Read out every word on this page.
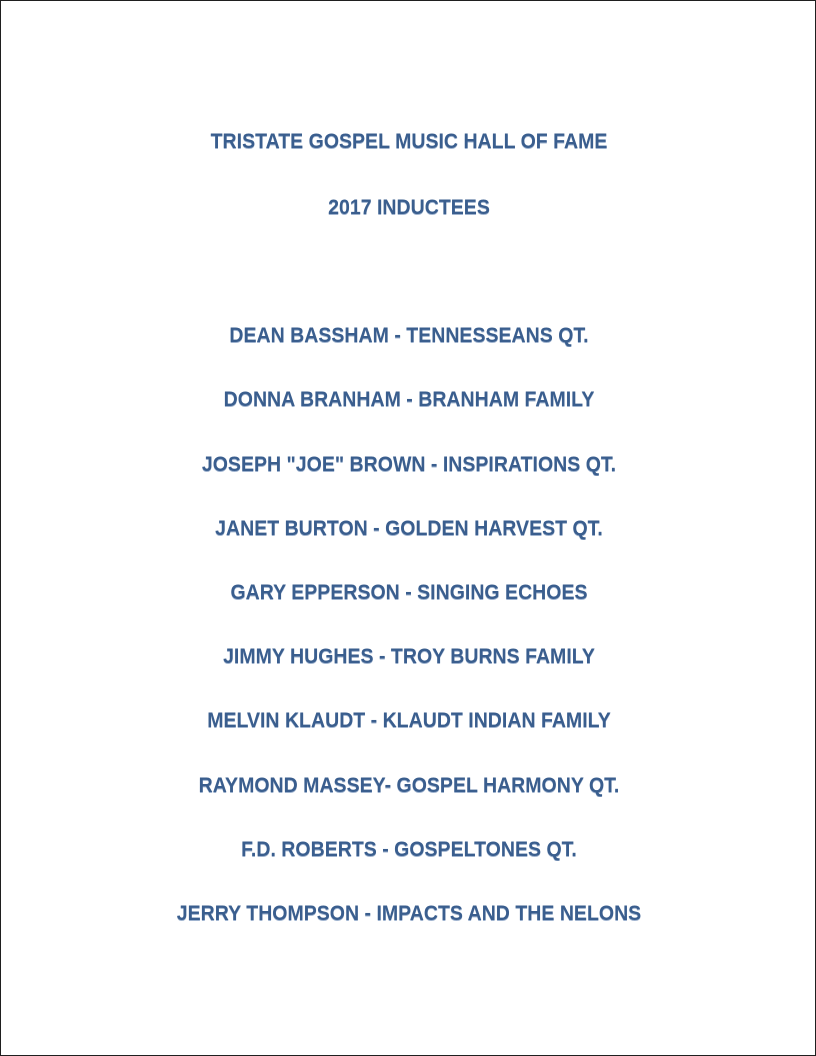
TRISTATE GOSPEL MUSIC HALL OF FAME
2017 INDUCTEES
DEAN BASSHAM - TENNESSEANS QT.
DONNA BRANHAM - BRANHAM FAMILY
JOSEPH "JOE" BROWN - INSPIRATIONS QT.
JANET BURTON - GOLDEN HARVEST QT.
GARY EPPERSON - SINGING ECHOES
JIMMY HUGHES - TROY BURNS FAMILY
MELVIN KLAUDT - KLAUDT INDIAN FAMILY
RAYMOND MASSEY- GOSPEL HARMONY QT.
F.D. ROBERTS - GOSPELTONES QT.
JERRY THOMPSON - IMPACTS AND THE NELONS
